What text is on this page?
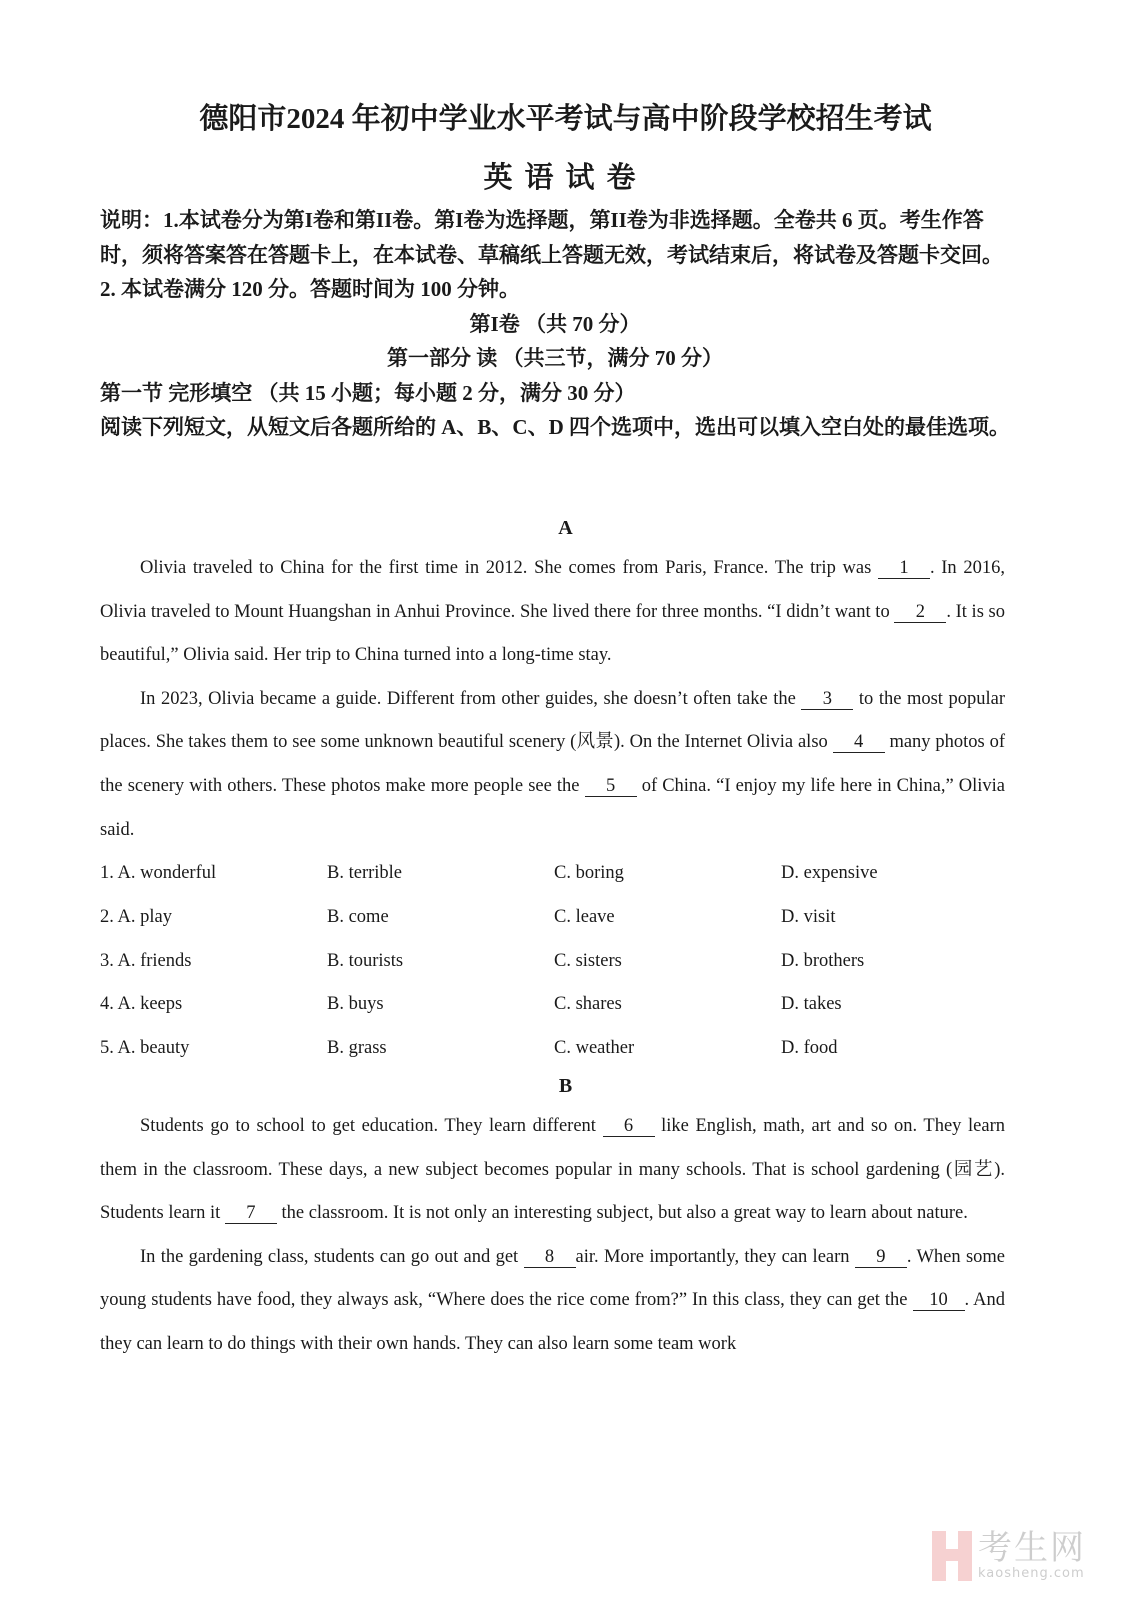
德阳市2024 年初中学业水平考试与高中阶段学校招生考试
英语试卷
说明：1.本试卷分为第I卷和第II卷。第I卷为选择题，第II卷为非选择题。全卷共 6 页。考生作答时，须将答案答在答题卡上，在本试卷、草稿纸上答题无效，考试结束后，将试卷及答题卡交回。
2. 本试卷满分 120 分。答题时间为 100 分钟。
第I卷 （共 70 分）
第一部分 读 （共三节，满分 70 分）
第一节 完形填空 （共 15 小题；每小题 2 分，满分 30 分）
阅读下列短文，从短文后各题所给的 A、B、C、D 四个选项中，选出可以填入空白处的最佳选项。
A

Olivia traveled to China for the first time in 2012. She comes from Paris, France. The trip was 1 . In 2016, Olivia traveled to Mount Huangshan in Anhui Province. She lived there for three months. “I didn’t want to 2 . It is so beautiful,” Olivia said. Her trip to China turned into a long-time stay.

In 2023, Olivia became a guide. Different from other guides, she doesn’t often take the 3 to the most popular places. She takes them to see some unknown beautiful scenery (风景). On the Internet Olivia also 4 many photos of the scenery with others. These photos make more people see the 5 of China. “I enjoy my life here in China,” Olivia said.

1. A. wonderful	B. terrible	C. boring	D. expensive
2. A. play	B. come	C. leave	D. visit
3. A. friends	B. tourists	C. sisters	D. brothers
4. A. keeps	B. buys	C. shares	D. takes
5. A. beauty	B. grass	C. weather	D. food
B

Students go to school to get education. They learn different 6 like English, math, art and so on. They learn them in the classroom. These days, a new subject becomes popular in many schools. That is school gardening (园艺). Students learn it 7 the classroom. It is not only an interesting subject, but also a great way to learn about nature.

In the gardening class, students can go out and get 8 air. More importantly, they can learn 9 . When some young students have food, they always ask, “Where does the rice come from?” In this class, they can get the 10 . And they can learn to do things with their own hands. They can also learn some team work

考生网
kaosheng.com
